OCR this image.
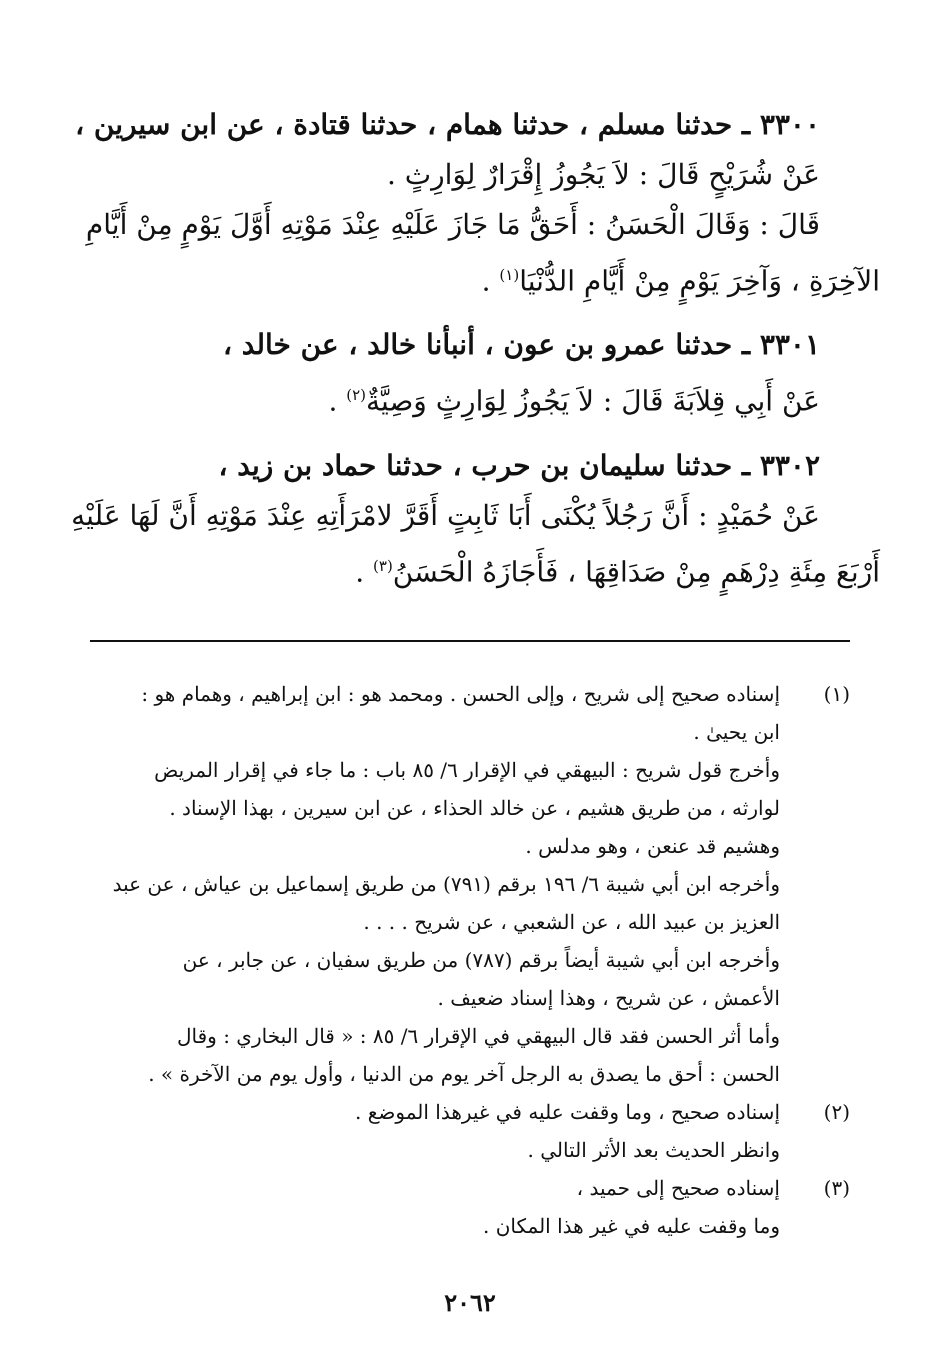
٣٣٠٠ ـ حدثنا مسلم ، حدثنا همام ، حدثنا قتادة ، عن ابن سيرين ،
عَنْ شُرَيْحٍ قَالَ : لاَ يَجُوزُ إِقْرَارٌ لِوَارِثٍ .
قَالَ : وَقَالَ الْحَسَنُ : أَحَقُّ مَا جَازَ عَلَيْهِ عِنْدَ مَوْتِهِ أَوَّلَ يَوْمٍ مِنْ أَيَّامِ
الآخِرَةِ ، وَآخِرَ يَوْمٍ مِنْ أَيَّامِ الدُّنْيَا$^{(١)}$ .
٣٣٠١ ـ حدثنا عمرو بن عون ، أنبأنا خالد ، عن خالد ،
عَنْ أَبِي قِلاَبَةَ قَالَ : لاَ يَجُوزُ لِوَارِثٍ وَصِيَّةٌ$^{(٢)}$ .
٣٣٠٢ ـ حدثنا سليمان بن حرب ، حدثنا حماد بن زيد ،
عَنْ حُمَيْدٍ : أَنَّ رَجُلاً يُكْنَى أَبَا ثَابِتٍ أَقَرَّ لامْرَأَتِهِ عِنْدَ مَوْتِهِ أَنَّ لَهَا عَلَيْهِ
أَرْبَعَ مِئَةِ دِرْهَمٍ مِنْ صَدَاقِهَا ، فَأَجَازَهُ الْحَسَنُ$^{(٣)}$ .
(١)
إسناده صحيح إلى شريح ، وإلى الحسن . ومحمد هو : ابن إبراهيم ، وهمام هو :
ابن يحيىٰ .
وأخرج قول شريح : البيهقي في الإقرار ٦/ ٨٥ باب : ما جاء في إقرار المريض
لوارثه ، من طريق هشيم ، عن خالد الحذاء ، عن ابن سيرين ، بهذا الإسناد .
وهشيم قد عنعن ، وهو مدلس .
وأخرجه ابن أبي شيبة ٦/ ١٩٦ برقم (٧٩١) من طريق إسماعيل بن عياش ، عن عبد
العزيز بن عبيد الله ، عن الشعبي ، عن شريح . . . .
وأخرجه ابن أبي شيبة أيضاً برقم (٧٨٧) من طريق سفيان ، عن جابر ، عن
الأعمش ، عن شريح ، وهذا إسناد ضعيف .
وأما أثر الحسن فقد قال البيهقي في الإقرار ٦/ ٨٥ : « قال البخاري : وقال
الحسن : أحق ما يصدق به الرجل آخر يوم من الدنيا ، وأول يوم من الآخرة » .
(٢)
إسناده صحيح ، وما وقفت عليه في غيرهذا الموضع .
وانظر الحديث بعد الأثر التالي .
(٣)
إسناده صحيح إلى حميد ،
وما وقفت عليه في غير هذا المكان .
٢٠٦٢
